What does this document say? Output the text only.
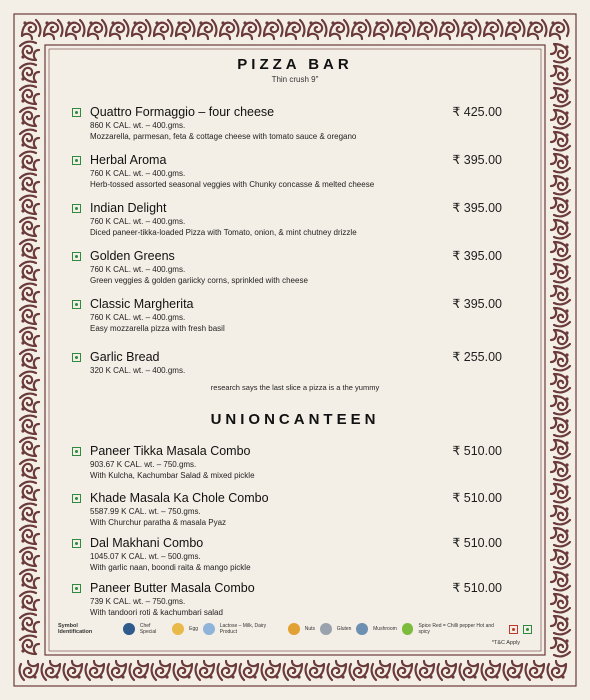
PIZZA BAR
Thin crush 9"
Quattro Formaggio – four cheese	₹ 425.00
860 K CAL. wt. – 400.gms.
Mozzarella, parmesan, feta & cottage cheese with tomato sauce & oregano
Herbal Aroma	₹ 395.00
760 K CAL. wt. – 400.gms.
Herb-tossed assorted seasonal veggies with Chunky concasse & melted cheese
Indian Delight	₹ 395.00
760 K CAL. wt. – 400.gms.
Diced paneer-tikka-loaded Pizza with Tomato, onion, & mint chutney drizzle
Golden Greens	₹ 395.00
760 K CAL. wt. – 400.gms.
Green veggies & golden gariicky corns, sprinkled with cheese
Classic Margherita	₹ 395.00
760 K CAL. wt. – 400.gms.
Easy mozzarella pizza with fresh basil
Garlic Bread	₹ 255.00
320 K CAL. wt. – 400.gms.
research says the last slice a pizza is a the yummy
UNIONCANTEEN
Paneer Tikka Masala Combo	₹ 510.00
903.67 K CAL. wt. – 750.gms.
With Kulcha, Kachumbar Salad & mixed pickle
Khade Masala Ka Chole Combo	₹ 510.00
5587.99 K CAL. wt. – 750.gms.
With Churchur paratha & masala Pyaz
Dal Makhani Combo	₹ 510.00
1045.07 K CAL. wt. – 500.gms.
With garlic naan, boondi raita & mango pickle
Paneer Butter Masala Combo	₹ 510.00
739 K CAL. wt. – 750.gms.
With tandoori roti & kachumbari salad
Symbol Identification
Chef Special	Egg	Lactose – Milk, Dairy Product	Nuts	Gluten	Mushroom	Spice Red = Chilli pepper Hot and spicy
*T&C Apply
